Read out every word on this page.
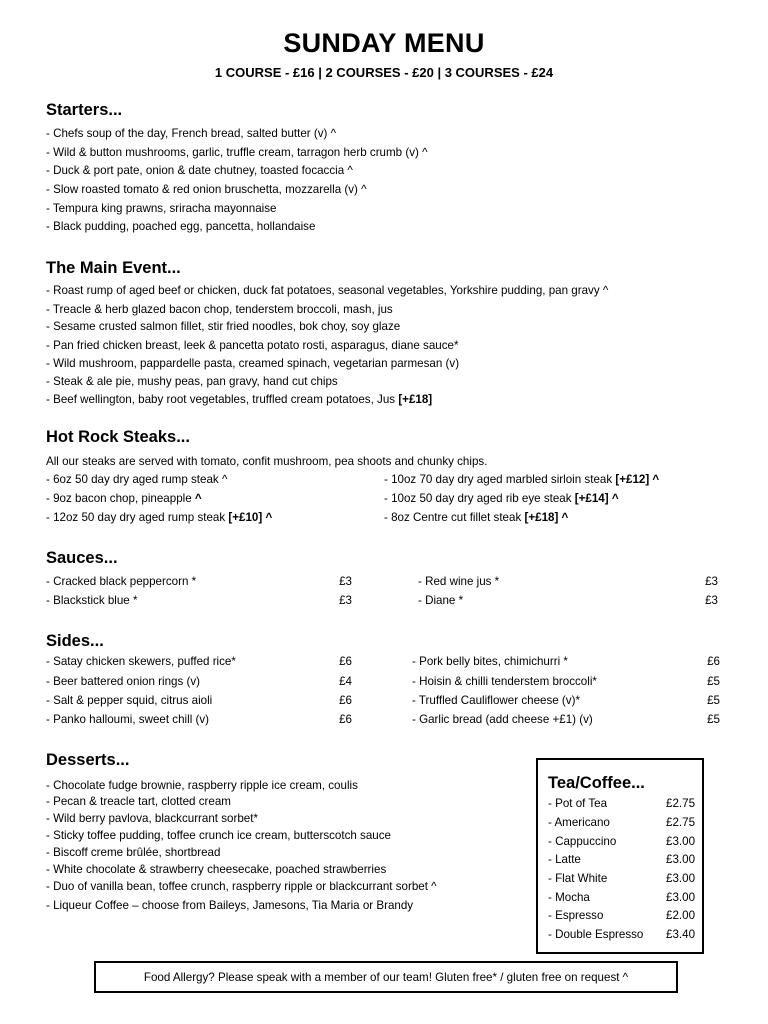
SUNDAY MENU
1 COURSE - £16 | 2 COURSES - £20 | 3 COURSES - £24
Starters...
- Chefs soup of the day, French bread, salted butter (v) ^
- Wild & button mushrooms, garlic, truffle cream, tarragon herb crumb (v) ^
- Duck & port pate, onion & date chutney, toasted focaccia ^
- Slow roasted tomato & red onion bruschetta, mozzarella (v) ^
- Tempura king prawns, sriracha mayonnaise
- Black pudding, poached egg, pancetta, hollandaise
The Main Event...
- Roast rump of aged beef or chicken, duck fat potatoes, seasonal vegetables, Yorkshire pudding, pan gravy ^
- Treacle & herb glazed bacon chop, tenderstem broccoli, mash, jus
- Sesame crusted salmon fillet, stir fried noodles, bok choy, soy glaze
- Pan fried chicken breast, leek & pancetta potato rosti, asparagus, diane sauce*
- Wild mushroom, pappardelle pasta, creamed spinach, vegetarian parmesan (v)
- Steak & ale pie, mushy peas, pan gravy, hand cut chips
- Beef wellington, baby root vegetables, truffled cream potatoes, Jus [+£18]
Hot Rock Steaks...
All our steaks are served with tomato, confit mushroom, pea shoots and chunky chips.
- 6oz 50 day dry aged rump steak ^
- 9oz bacon chop, pineapple ^
- 12oz 50 day dry aged rump steak [+£10] ^
- 10oz 70 day dry aged marbled sirloin steak [+£12] ^
- 10oz 50 day dry aged rib eye steak [+£14] ^
- 8oz Centre cut fillet steak [+£18] ^
Sauces...
- Cracked black peppercorn *	£3
- Blackstick blue *	£3
- Red wine jus *	£3
- Diane *	£3
Sides...
- Satay chicken skewers, puffed rice*	£6
- Beer battered onion rings (v)	£4
- Salt & pepper squid, citrus aioli	£6
- Panko halloumi, sweet chill (v)	£6
- Pork belly bites, chimichurri *	£6
- Hoisin & chilli tenderstem broccoli*	£5
- Truffled Cauliflower cheese (v)*	£5
- Garlic bread (add cheese +£1) (v)	£5
Desserts...
- Chocolate fudge brownie, raspberry ripple ice cream, coulis
- Pecan & treacle tart, clotted cream
- Wild berry pavlova, blackcurrant sorbet*
- Sticky toffee pudding, toffee crunch ice cream, butterscotch sauce
- Biscoff creme brûlée, shortbread
- White chocolate & strawberry cheesecake, poached strawberries
- Duo of vanilla bean, toffee crunch, raspberry ripple or blackcurrant sorbet ^
- Liqueur Coffee – choose from Baileys, Jamesons, Tia Maria or Brandy
Tea/Coffee...
- Pot of Tea	£2.75
- Americano	£2.75
- Cappuccino	£3.00
- Latte	£3.00
- Flat White	£3.00
- Mocha	£3.00
- Espresso	£2.00
- Double Espresso £3.40
Food Allergy? Please speak with a member of our team! Gluten free* / gluten free on request ^
